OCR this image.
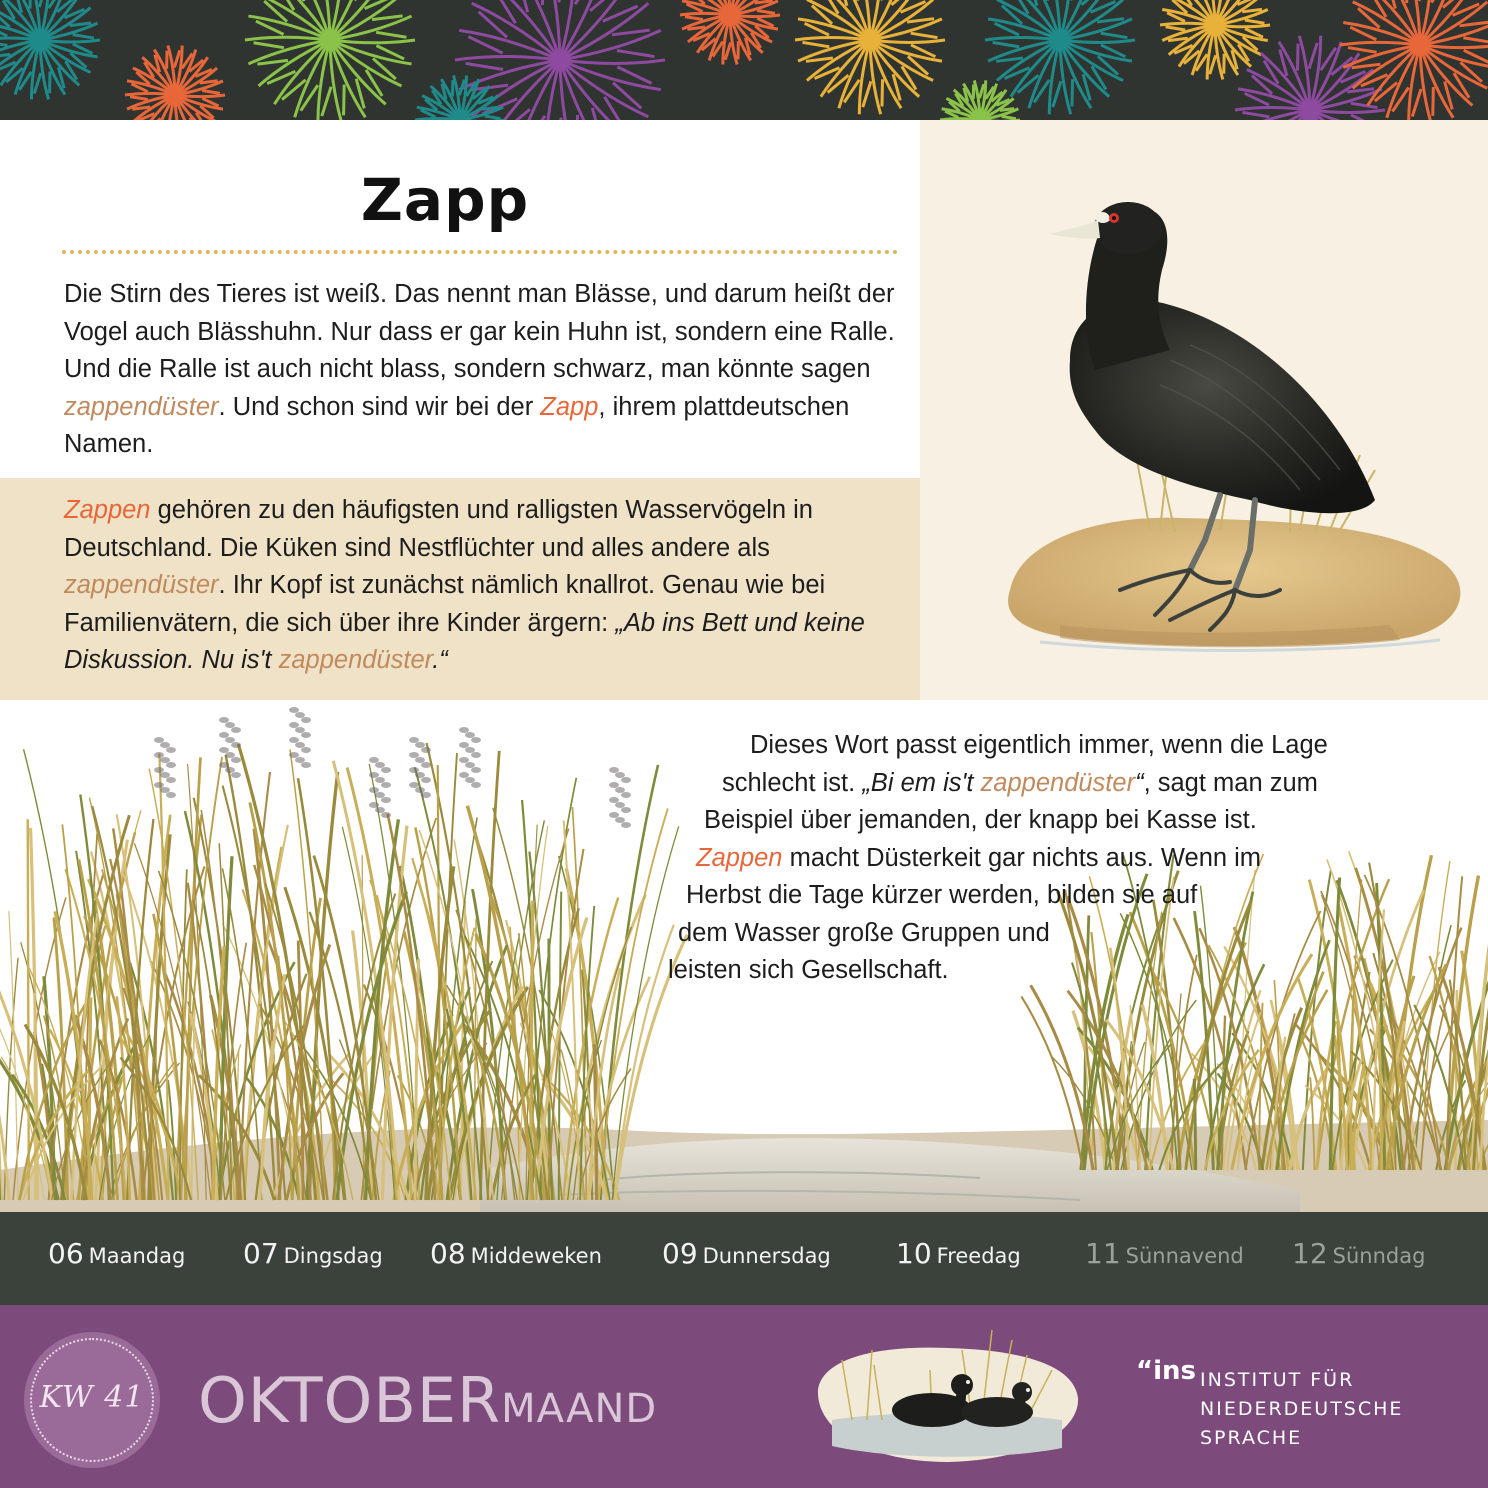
Zapp

Die Stirn des Tieres ist weiß. Das nennt man Blässe, und darum heißt der Vogel auch Blässhuhn. Nur dass er gar kein Huhn ist, sondern eine Ralle. Und die Ralle ist auch nicht blass, sondern schwarz, man könnte sagen zappendüster. Und schon sind wir bei der Zapp, ihrem plattdeutschen Namen.

Zappen gehören zu den häufigsten und ralligsten Wasservögeln in Deutschland. Die Küken sind Nestflüchter und alles andere als zappendüster. Ihr Kopf ist zunächst nämlich knallrot. Genau wie bei Familienvätern, die sich über ihre Kinder ärgern: „Ab ins Bett und keine Diskussion. Nu is't zappendüster.“

Dieses Wort passt eigentlich immer, wenn die Lage
schlecht ist. „Bi em is't zappendüster“, sagt man zum
Beispiel über jemanden, der knapp bei Kasse ist.
Zappen macht Düsterkeit gar nichts aus. Wenn im
Herbst die Tage kürzer werden, bilden sie auf
dem Wasser große Gruppen und
leisten sich Gesellschaft.
06 Maandag 07 Dingsdag 08 Middeweken 09 Dunnersdag 10 Freedag 11 Sünnavend 12 Sünndag
KW 41 OKTOBERMAAND
“ins INSTITUT FÜR
NIEDERDEUTSCHE
SPRACHE
